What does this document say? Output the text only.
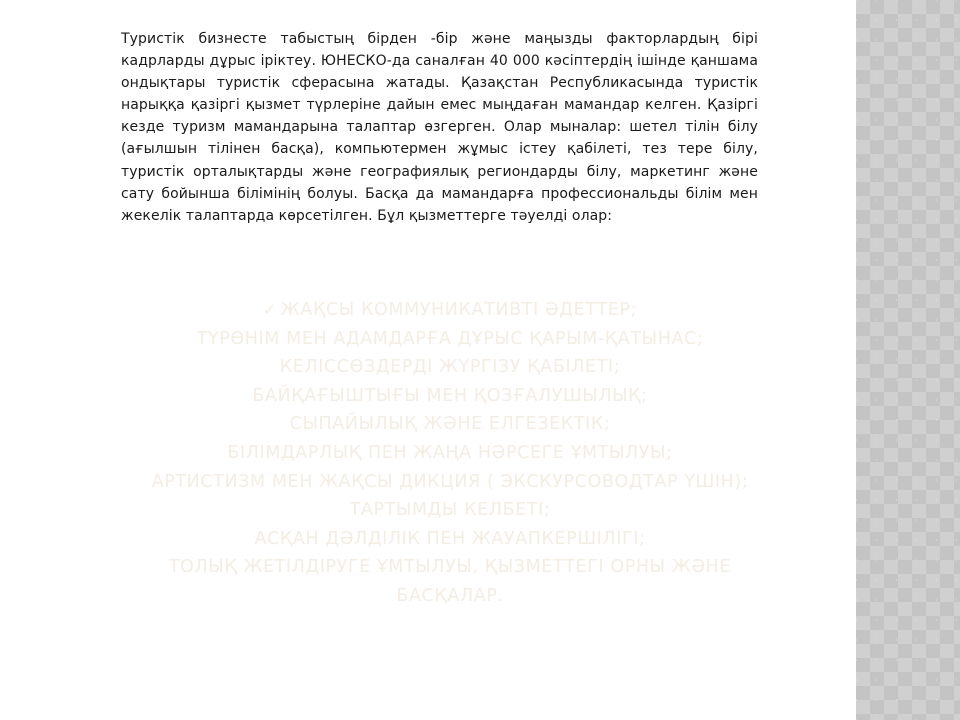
Туристік бизнесте табыстың бірден -бір және маңызды факторлардың бірі кадрларды дұрыс іріктеу. ЮНЕСКО-да саналған 40 000 кәсіптердің ішінде қаншама ондықтары туристік сферасына жатады. Қазақстан Республикасында туристік нарыққа қазіргі қызмет түрлеріне дайын емес мыңдаған мамандар келген. Қазіргі кезде туризм мамандарына талаптар өзгерген. Олар мыналар: шетел тілін білу (ағылшын тілінен басқа), компьютермен жұмыс істеу қабілеті, тез тере білу, туристік орталықтарды және географиялық региондарды білу, маркетинг және сату бойынша білімінің болуы. Басқа да мамандарға профессиональды білім мен жекелік талаптарда көрсетілген. Бұл қызметтерге тәуелді олар:

✓ ЖАҚСЫ КОММУНИКАТИВТІ ӘДЕТТЕР;
ТҮРӨНІМ МЕН АДАМДАРҒА ДҰРЫС ҚАРЫМ-ҚАТЫНАС;
КЕЛІССӨЗДЕРДІ ЖҮРГІЗУ ҚАБІЛЕТІ;
БАЙҚАҒЫШТЫҒЫ МЕН ҚОЗҒАЛУШЫЛЫҚ;
СЫПАЙЫЛЫҚ ЖӘНЕ ЕЛГЕЗЕКТІК;
БІЛІМДАРЛЫҚ ПЕН ЖАҢА НӘРСЕГЕ ҰМТЫЛУЫ;
АРТИСТИЗМ МЕН ЖАҚСЫ ДИКЦИЯ ( ЭКСКУРСОВОДТАР ҮШІН);
ТАРТЫМДЫ КЕЛБЕТІ;
АСҚАН ДӘЛДІЛІК ПЕН ЖАУАПКЕРШІЛІГІ;
ТОЛЫҚ ЖЕТІЛДІРУГЕ ҰМТЫЛУЫ, ҚЫЗМЕТТЕГІ ОРНЫ ЖӘНЕ БАСҚАЛАР.
